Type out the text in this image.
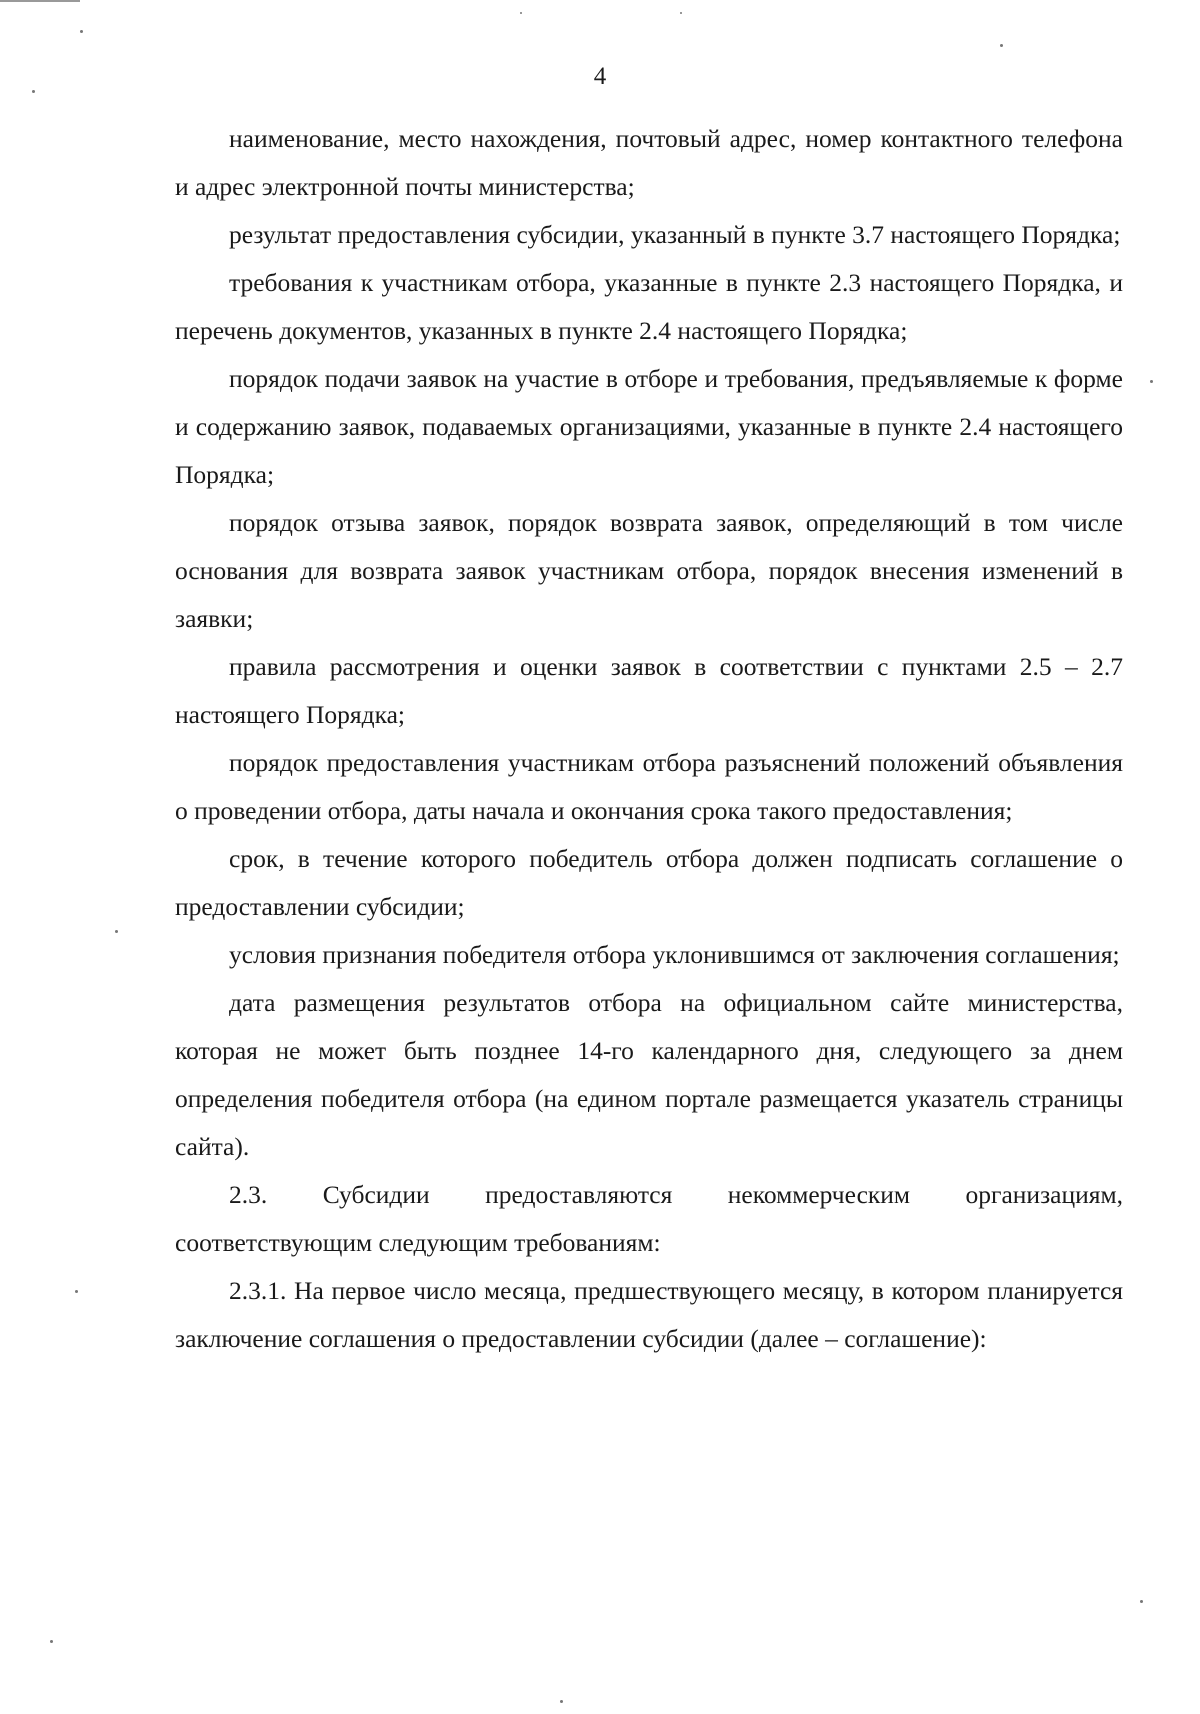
4

наименование, место нахождения, почтовый адрес, номер контактного телефона и адрес электронной почты министерства;

результат предоставления субсидии, указанный в пункте 3.7 настоящего Порядка;

требования к участникам отбора, указанные в пункте 2.3 настоящего Порядка, и перечень документов, указанных в пункте 2.4 настоящего Порядка;

порядок подачи заявок на участие в отборе и требования, предъявляемые к форме и содержанию заявок, подаваемых организациями, указанные в пункте 2.4 настоящего Порядка;

порядок отзыва заявок, порядок возврата заявок, определяющий в том числе основания для возврата заявок участникам отбора, порядок внесения изменений в заявки;

правила рассмотрения и оценки заявок в соответствии с пунктами 2.5 – 2.7 настоящего Порядка;

порядок предоставления участникам отбора разъяснений положений объявления о проведении отбора, даты начала и окончания срока такого предоставления;

срок, в течение которого победитель отбора должен подписать соглашение о предоставлении субсидии;

условия признания победителя отбора уклонившимся от заключения соглашения;

дата размещения результатов отбора на официальном сайте министерства, которая не может быть позднее 14-го календарного дня, следующего за днем определения победителя отбора (на едином портале размещается указатель страницы сайта).

2.3. Субсидии предоставляются некоммерческим организациям, соответствующим следующим требованиям:

2.3.1. На первое число месяца, предшествующего месяцу, в котором планируется заключение соглашения о предоставлении субсидии (далее – соглашение):
